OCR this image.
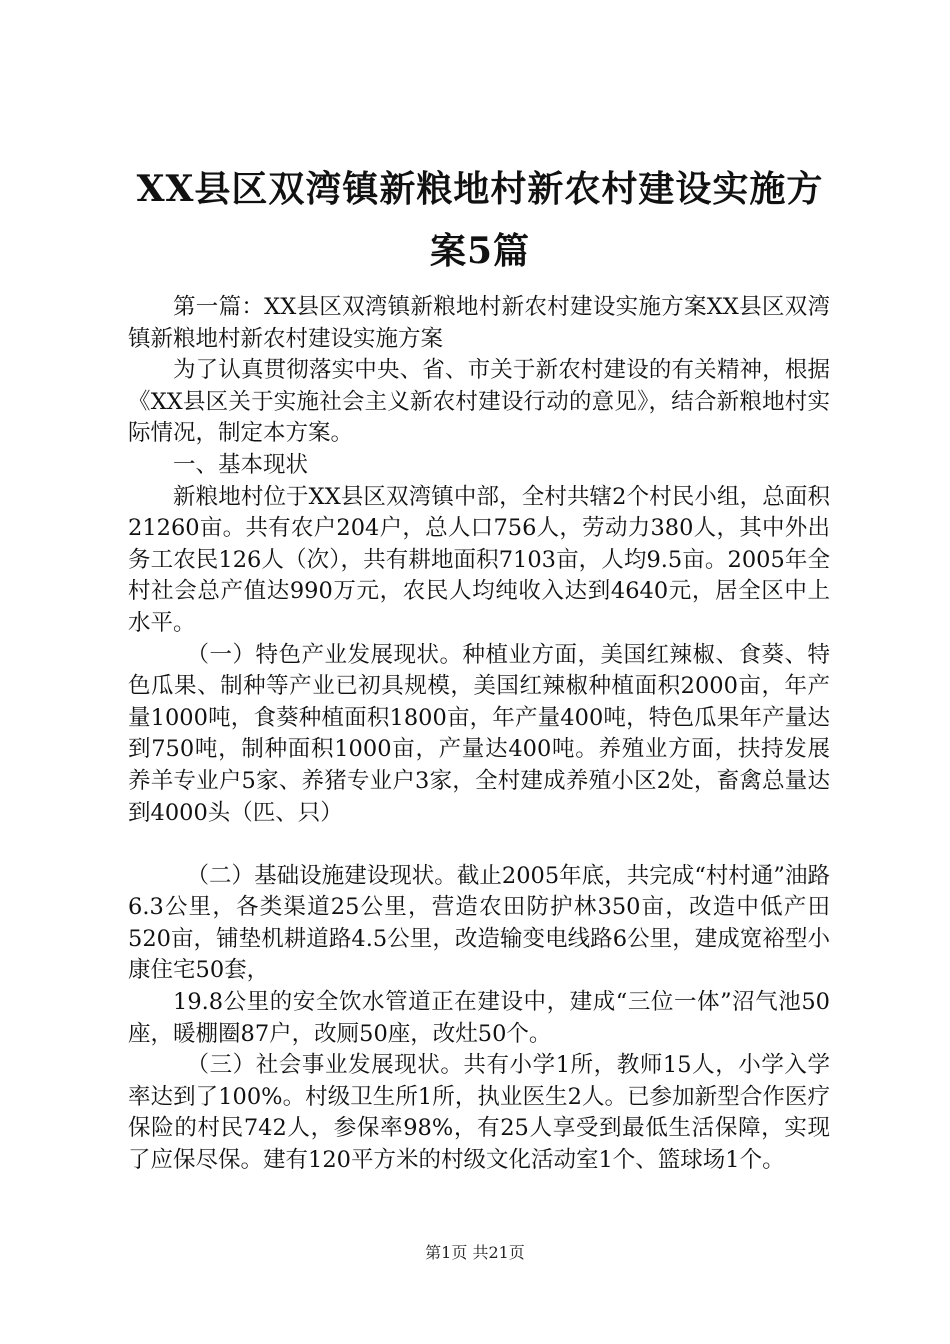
XX县区双湾镇新粮地村新农村建设实施方案5篇

第一篇：XX县区双湾镇新粮地村新农村建设实施方案XX县区双湾镇新粮地村新农村建设实施方案

为了认真贯彻落实中央、省、市关于新农村建设的有关精神，根据《XX县区关于实施社会主义新农村建设行动的意见》，结合新粮地村实际情况，制定本方案。

一、基本现状

新粮地村位于XX县区双湾镇中部，全村共辖2个村民小组，总面积21260亩。共有农户204户，总人口756人，劳动力380人，其中外出务工农民126人（次），共有耕地面积7103亩，人均9.5亩。2005年全村社会总产值达990万元，农民人均纯收入达到4640元，居全区中上水平。

（一）特色产业发展现状。种植业方面，美国红辣椒、食葵、特色瓜果、制种等产业已初具规模，美国红辣椒种植面积2000亩，年产量1000吨，食葵种植面积1800亩，年产量400吨，特色瓜果年产量达到750吨，制种面积1000亩，产量达400吨。养殖业方面，扶持发展养羊专业户5家、养猪专业户3家，全村建成养殖小区2处，畜禽总量达到4000头（匹、只）

（二）基础设施建设现状。截止2005年底，共完成“村村通”油路6.3公里，各类渠道25公里，营造农田防护林350亩，改造中低产田520亩，铺垫机耕道路4.5公里，改造输变电线路6公里，建成宽裕型小康住宅50套，

19.8公里的安全饮水管道正在建设中，建成“三位一体”沼气池50座，暖棚圈87户，改厕50座，改灶50个。

（三）社会事业发展现状。共有小学1所，教师15人，小学入学率达到了100%。村级卫生所1所，执业医生2人。已参加新型合作医疗保险的村民742人，参保率98%，有25人享受到最低生活保障，实现了应保尽保。建有120平方米的村级文化活动室1个、篮球场1个。

第1页 共21页
